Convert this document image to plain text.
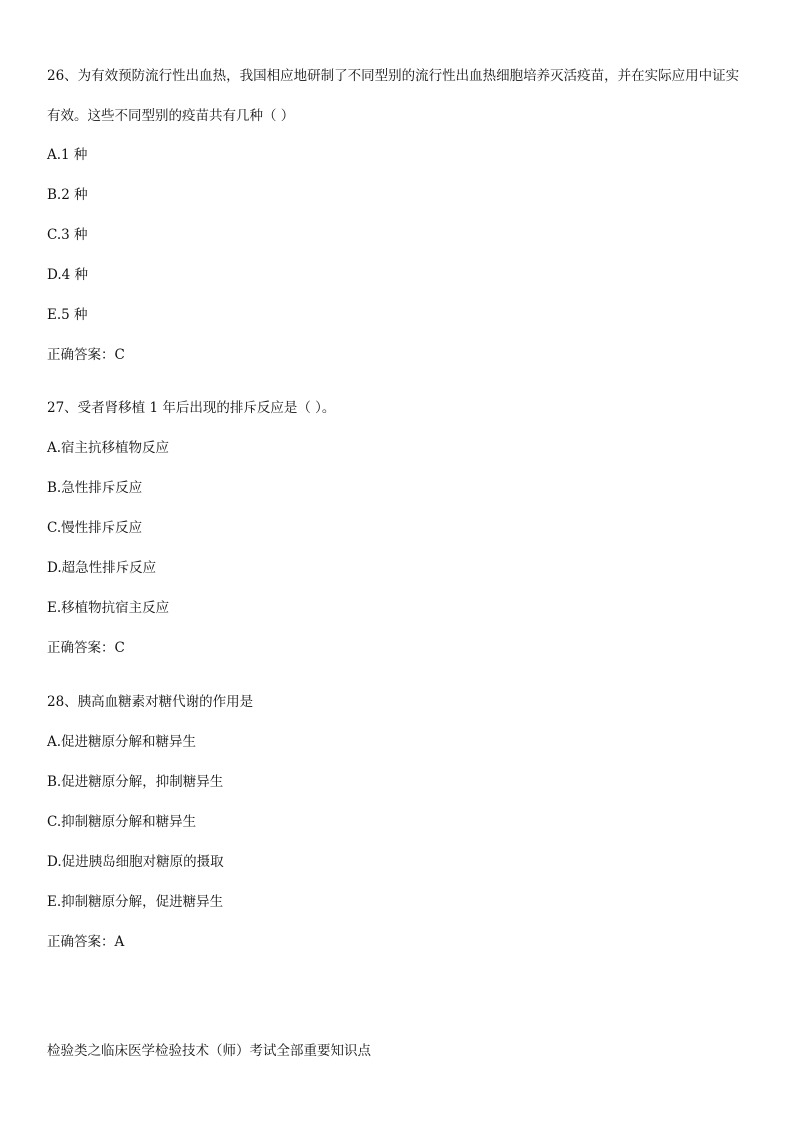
26、为有效预防流行性出血热，我国相应地研制了不同型别的流行性出血热细胞培养灭活疫苗，并在实际应用中证实有效。这些不同型别的疫苗共有几种（ ）

A.1 种

B.2 种

C.3 种

D.4 种

E.5 种

正确答案：C

27、受者肾移植 1 年后出现的排斥反应是（ ）。

A.宿主抗移植物反应

B.急性排斥反应

C.慢性排斥反应

D.超急性排斥反应

E.移植物抗宿主反应

正确答案：C

28、胰高血糖素对糖代谢的作用是

A.促进糖原分解和糖异生

B.促进糖原分解，抑制糖异生

C.抑制糖原分解和糖异生

D.促进胰岛细胞对糖原的摄取

E.抑制糖原分解，促进糖异生

正确答案：A

检验类之临床医学检验技术（师）考试全部重要知识点
